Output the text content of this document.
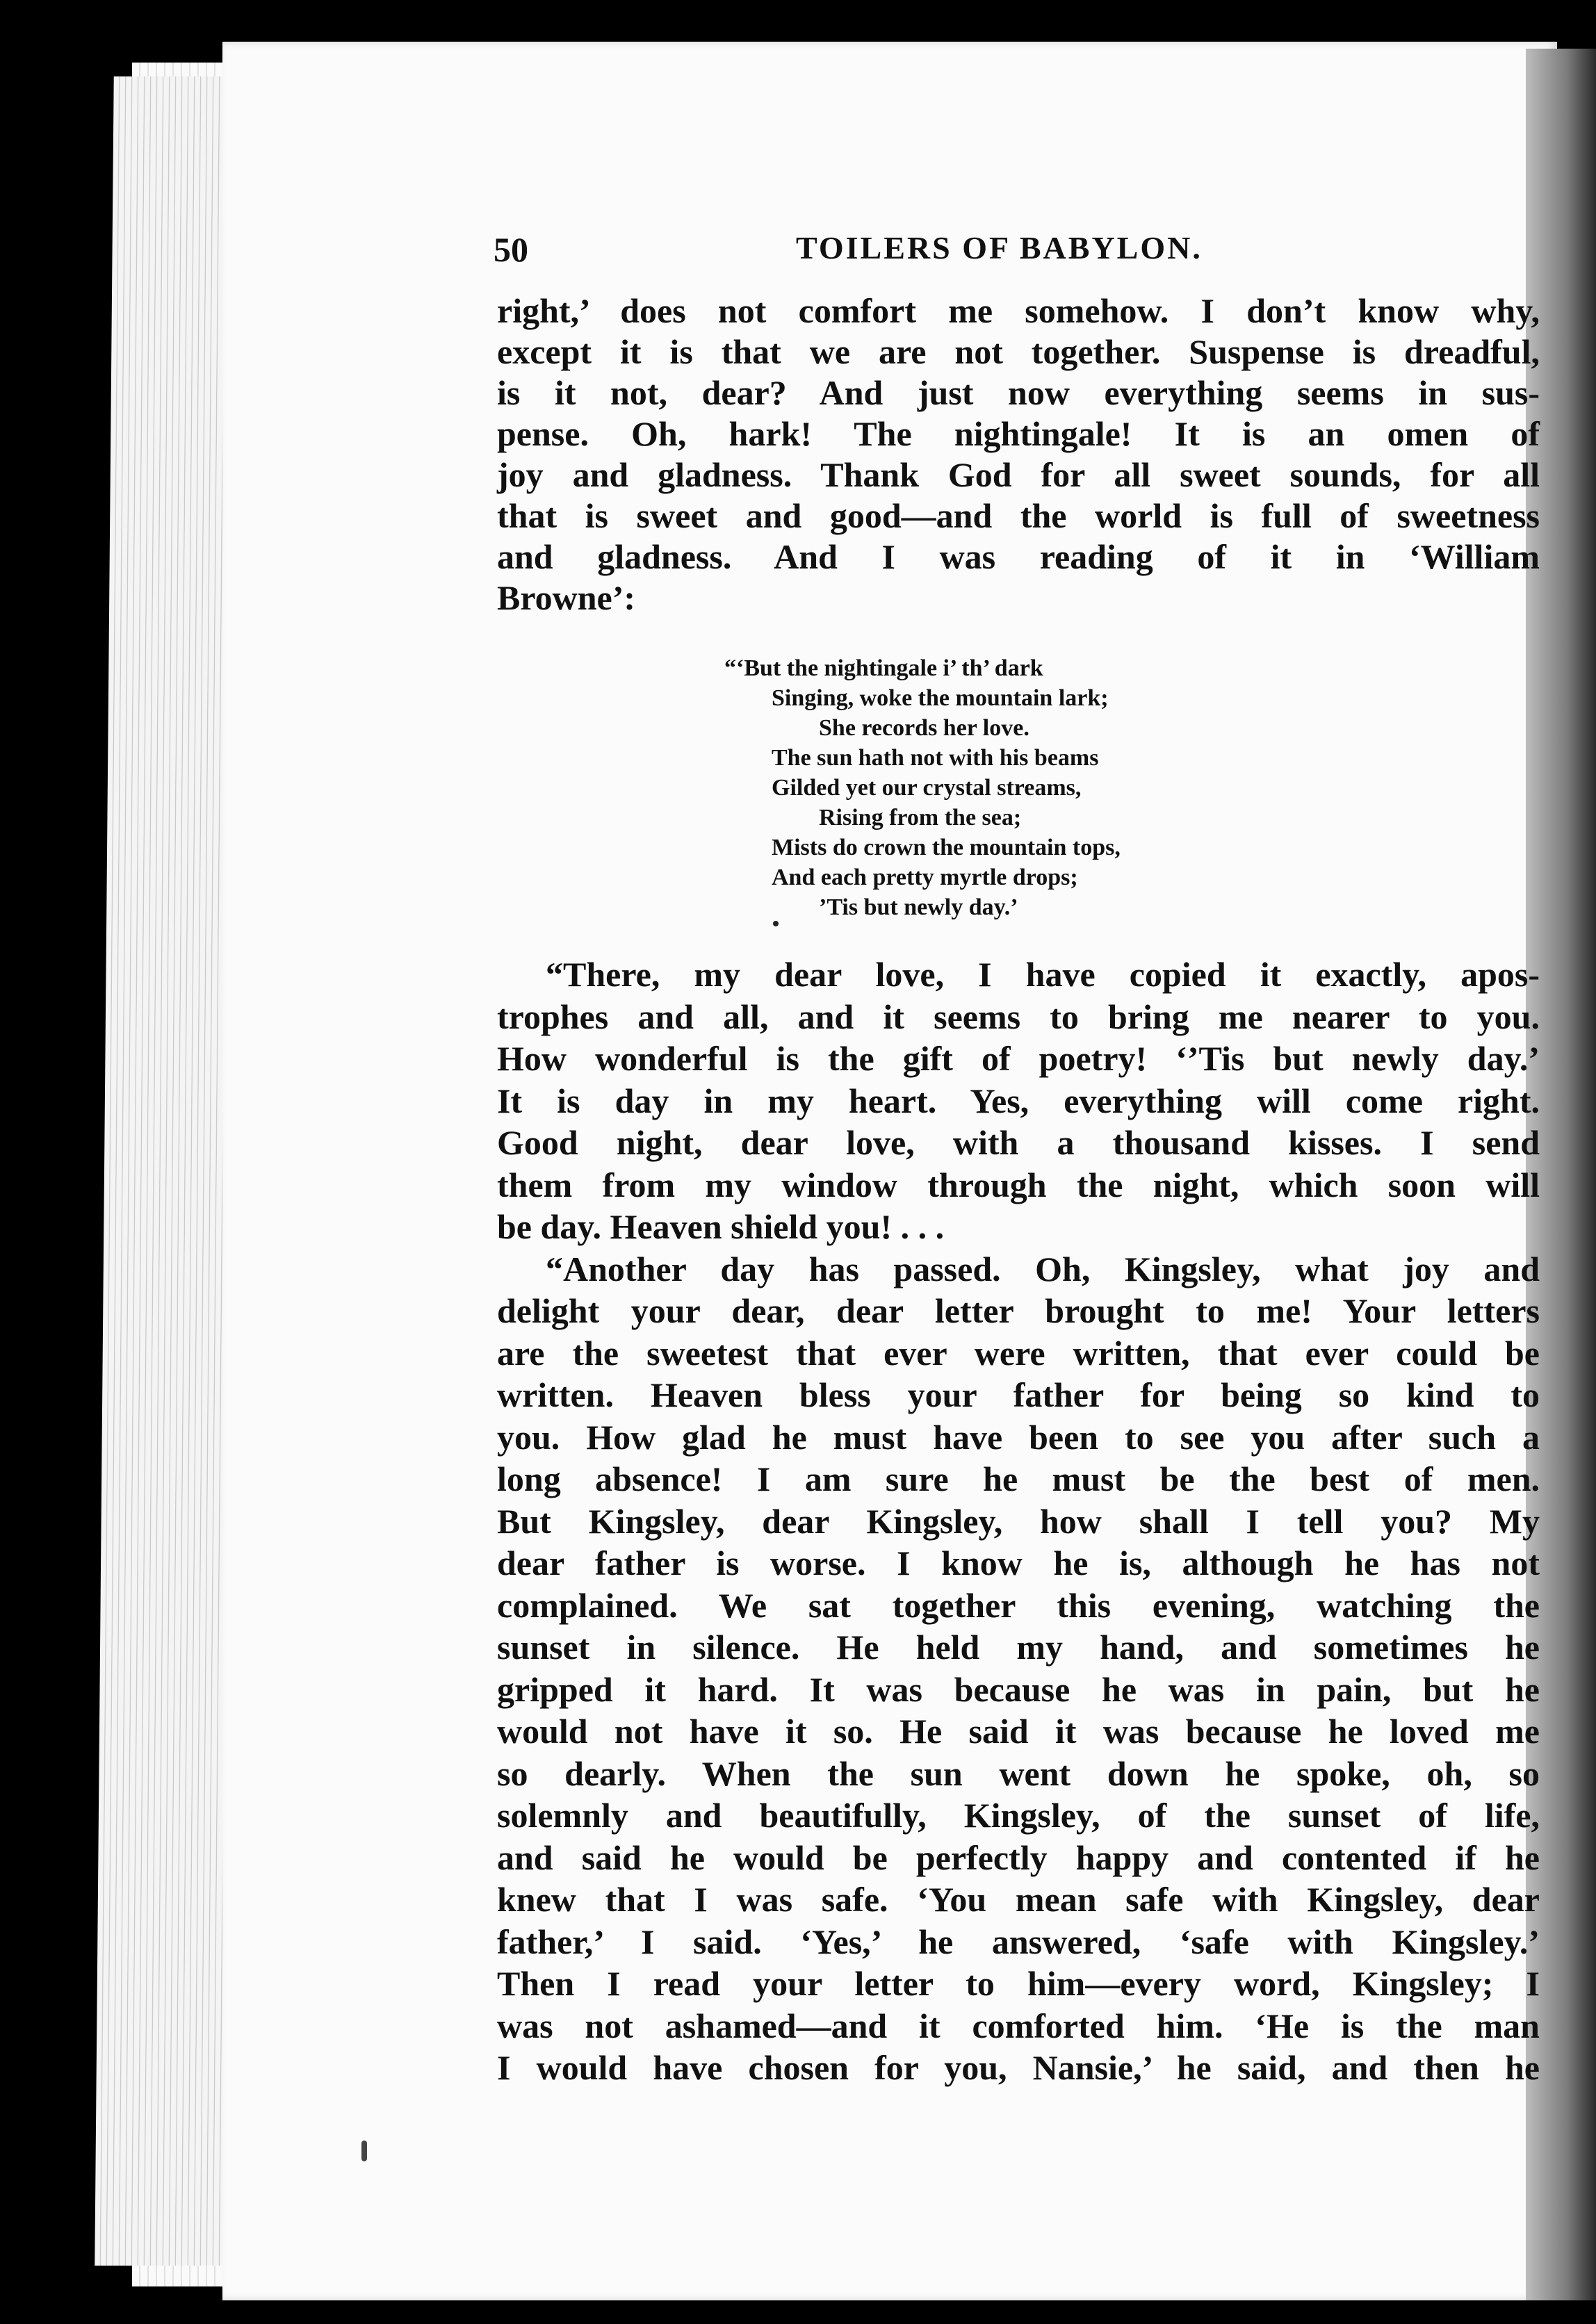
50	TOILERS OF BABYLON.
right,’ does not comfort me somehow. I don’t know why,
except it is that we are not together. Suspense is dreadful,
is it not, dear? And just now everything seems in sus-
pense. Oh, hark! The nightingale! It is an omen of
joy and gladness. Thank God for all sweet sounds, for all
that is sweet and good—and the world is full of sweetness
and gladness. And I was reading of it in ‘William
Browne’:
“‘But the nightingale i’ th’ dark
Singing, woke the mountain lark;
She records her love.
The sun hath not with his beams
Gilded yet our crystal streams,
Rising from the sea;
Mists do crown the mountain tops,
And each pretty myrtle drops;
’Tis but newly day.’
“There, my dear love, I have copied it exactly, apos-
trophes and all, and it seems to bring me nearer to you.
How wonderful is the gift of poetry! ‘’Tis but newly day.’
It is day in my heart. Yes, everything will come right.
Good night, dear love, with a thousand kisses. I send
them from my window through the night, which soon will
be day. Heaven shield you! . . .
“Another day has passed. Oh, Kingsley, what joy and
delight your dear, dear letter brought to me! Your letters
are the sweetest that ever were written, that ever could be
written. Heaven bless your father for being so kind to
you. How glad he must have been to see you after such a
long absence! I am sure he must be the best of men.
But Kingsley, dear Kingsley, how shall I tell you? My
dear father is worse. I know he is, although he has not
complained. We sat together this evening, watching the
sunset in silence. He held my hand, and sometimes he
gripped it hard. It was because he was in pain, but he
would not have it so. He said it was because he loved me
so dearly. When the sun went down he spoke, oh, so
solemnly and beautifully, Kingsley, of the sunset of life,
and said he would be perfectly happy and contented if he
knew that I was safe. ‘You mean safe with Kingsley, dear
father,’ I said. ‘Yes,’ he answered, ‘safe with Kingsley.’
Then I read your letter to him—every word, Kingsley; I
was not ashamed—and it comforted him. ‘He is the man
I would have chosen for you, Nansie,’ he said, and then he
